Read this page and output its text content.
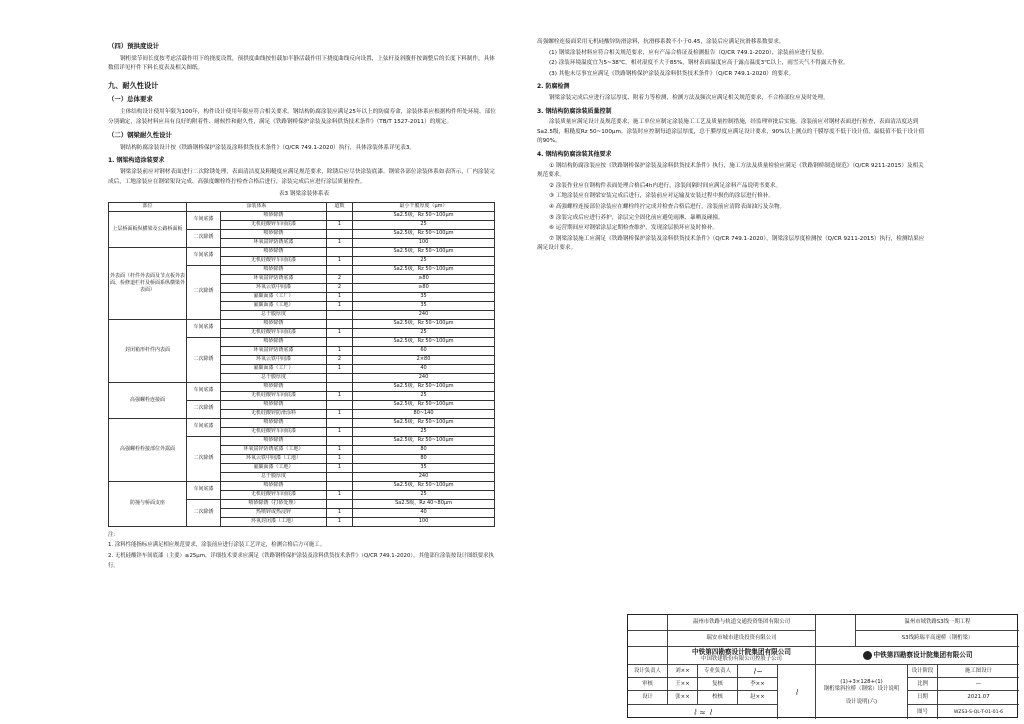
（四）预拱度设计
钢桁梁节间长度按考虑活载作用下的挠度设置，预拱度曲线按恒载加半静活载作用下挠度曲线反向设置，上弦杆及斜腹杆按调整后的长度下料制作，具体数值详见杆件下料长度表及相关图纸。
九、耐久性设计
（一）总体要求
主体结构设计使用年限为100年，构件设计使用年限应符合相关要求。钢结构防腐涂装应满足25年以上的防腐寿命，涂装体系应根据构件所处环境、部位分别确定，涂装材料应具有良好的附着性、耐候性和耐久性，满足《铁路钢桥保护涂装及涂料供货技术条件》（TB/T 1527-2011）的规定。
（二）钢梁耐久性设计
钢结构防腐涂装设计按《铁路钢桥保护涂装及涂料供货技术条件》（Q/CR 749.1-2020）执行，具体涂装体系详见表3。
1. 钢梁构造涂装要求
钢梁涂装前应对钢材表面进行二次除锈处理，表面清洁度及粗糙度应满足规范要求，除锈后应尽快涂装底漆。钢梁各部位涂装体系如表所示，厂内涂装完成后，工地涂装应在钢梁架设完成、高强度螺栓终拧检查合格后进行，涂装完成后应进行涂层质量检查。
表3 钢梁涂装体系表
部位	涂装体系		道数	最小干膜厚度（μm）
上层桥面板纵横梁及公路桥面板	车间底漆	喷砂除锈		Sa2.5级，Rz 50~100μm
		无机硅酸锌车间底漆	1	25
	二次除锈	喷砂除锈		Sa2.5级，Rz 50~100μm
		环氧富锌防锈底漆	1	100
外表面（杆件外表面及节点板外表面、检修道栏杆及桥面系纵横梁外表面）	车间底漆	喷砂除锈		Sa2.5级，Rz 50~100μm
		无机硅酸锌车间底漆	1	25
	二次除锈	喷砂除锈		Sa2.5级，Rz 50~100μm
		环氧富锌防锈底漆	2	≥80
		环氧云铁中间漆	2	≥80
		氟碳面漆（工厂）	1	35
		氟碳面漆（工地）	1	35
		总干膜厚度		240
封闭箱形杆件内表面	车间底漆	喷砂除锈		Sa2.5级，Rz 50~100μm
		无机硅酸锌车间底漆	1	25
	二次除锈	喷砂除锈		Sa2.5级，Rz 50~100μm
		环氧富锌防锈底漆	1	60
		环氧云铁中间漆	2	2×80
		氟碳面漆（工厂）	1	40
		总干膜厚度		240
高强螺栓连接面	车间底漆	喷砂除锈		Sa2.5级，Rz 50~100μm
		无机硅酸锌车间底漆	1	25
	二次除锈	喷砂除锈		Sa2.5级，Rz 50~100μm
		无机硅酸锌防滑涂料	1	80~140
高强螺栓栓接部位外露面	车间底漆	喷砂除锈		Sa2.5级，Rz 50~100μm
		无机硅酸锌车间底漆	1	25
	二次除锈	喷砂除锈		Sa2.5级，Rz 50~100μm
		环氧富锌防锈底漆（工地）	1	80
		环氧云铁中间漆（工地）	1	80
		氟碳面漆（工地）	1	35
		总干膜厚度		240
防撞与桥面支座	车间底漆	喷砂除锈		Sa2.5级，Rz 50~100μm
		无机硅酸锌车间底漆	1	25
	二次除锈	喷砂除锈（打砂处理）		Sa2.5级，Rz 40~80μm
		热喷锌或热浸锌	1	40
		环氧封闭漆（工地）	1	100
注：
1. 涂料性能指标应满足相应规范要求，涂装前应进行涂装工艺评定，检测合格后方可施工。
2. 无机硅酸锌车间底漆（主要）≥25μm，详细技术要求应满足《铁路钢桥保护涂装及涂料供货技术条件》（Q/CR 749.1-2020），其他部位涂装按设计图纸要求执行。
高强螺栓连接面采用无机硅酸锌防滑涂料，抗滑移系数不小于0.45，涂装后应满足抗滑移系数要求。
(1) 钢梁涂装材料应符合相关规范要求，应有产品合格证及检测报告（Q/CR 749.1-2020），涂装前应进行复验。
(2) 涂装环境温度宜为5~38℃，相对湿度不大于85%，钢材表面温度应高于露点温度3℃以上，雨雪天气不得露天作业。
(3) 其他未尽事宜应满足《铁路钢桥保护涂装及涂料供货技术条件》（Q/CR 749.1-2020）的要求。
2. 防腐检测
钢梁涂装完成后应进行涂层厚度、附着力等检测，检测方法及频次应满足相关规范要求，不合格部位应及时处理。
3. 钢结构防腐涂装质量控制
涂装质量应满足设计及规范要求，施工单位应制定涂装施工工艺及质量控制措施，经监理审批后实施。涂装前应对钢材表面进行检查，表面清洁度达到Sa2.5级，粗糙度Rz 50~100μm。涂装时应控制每道涂层厚度，总干膜厚度应满足设计要求，90%以上测点的干膜厚度不低于设计值，最低值不低于设计值的90%。
4. 钢结构防腐涂装其他要求
① 钢结构防腐涂装应按《铁路钢桥保护涂装及涂料供货技术条件》执行，施工方法及质量检验应满足《铁路钢桥制造规范》（Q/CR 9211-2015）及相关规范要求。
② 涂装作业应在钢构件表面处理合格后4h内进行，涂装间隔时间应满足涂料产品说明书要求。
③ 工地涂装应在钢梁安装完成后进行，涂装前应对运输及安装过程中损伤的涂层进行修补。
④ 高强螺栓连接部位涂装应在螺栓终拧完成并检查合格后进行，涂装前应清除表面油污及杂物。
⑤ 涂装完成后应进行养护，涂层完全固化前应避免雨淋、暴晒及碰撞。
⑥ 运营期间应对钢梁涂层定期检查维护，发现涂层损坏应及时修补。
⑦ 钢梁涂装施工应满足《铁路钢桥保护涂装及涂料供货技术条件》（Q/CR 749.1-2020），钢梁涂层厚度检测按（Q/CR 9211-2015）执行，检测结果应满足设计要求。
温州市铁路与轨道交通投资集团有限公司	温州市域铁路S3线一期工程
瑞安市城市建设投资有限公司	S3线跨瑞平高速桥（钢桁梁）
中铁第四勘察设计院集团有限公司
中国铁建股份有限公司控股子公司	中铁第四勘察设计院集团有限公司
设计负责人	刘××	专业负责人	⌇~
审核	王××	复核	李××
设计	张××	校核	赵××
⌇ ≈ ⌇
⌇
(1)+3×128+(1)
钢桁梁斜拉桥（钢梁）设计说明
设计说明(六)
设计阶段	施工图设计
比例	—
日期	2021.07
图号	WZS3-S-QL-T-01-01-6
